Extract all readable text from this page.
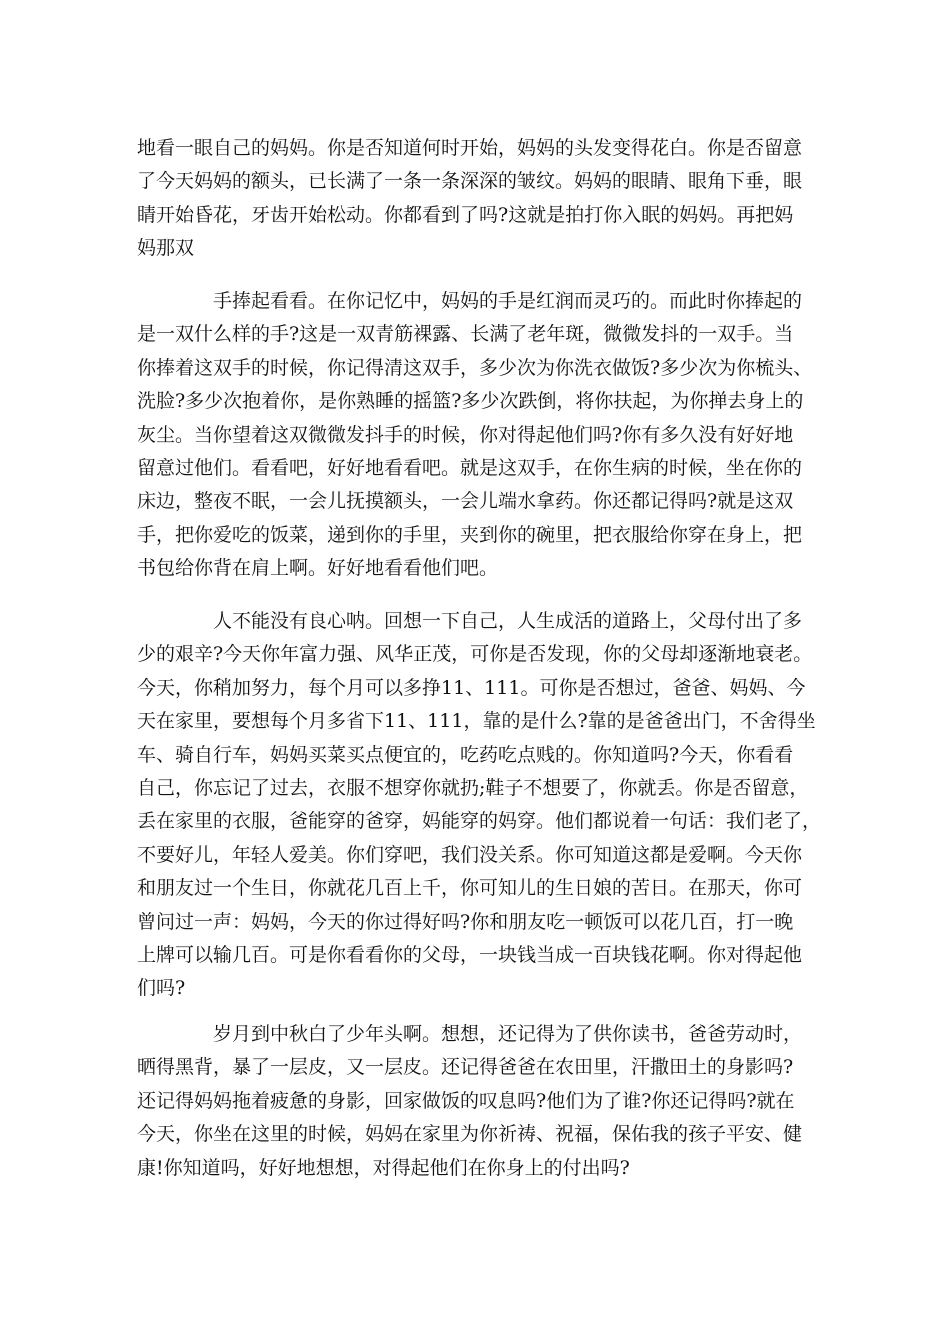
地看一眼自己的妈妈。你是否知道何时开始，妈妈的头发变得花白。你是否留意
了今天妈妈的额头，已长满了一条一条深深的皱纹。妈妈的眼睛、眼角下垂，眼
睛开始昏花，牙齿开始松动。你都看到了吗?这就是拍打你入眠的妈妈。再把妈
妈那双
手捧起看看。在你记忆中，妈妈的手是红润而灵巧的。而此时你捧起的
是一双什么样的手?这是一双青筋裸露、长满了老年斑，微微发抖的一双手。当
你捧着这双手的时候，你记得清这双手，多少次为你洗衣做饭?多少次为你梳头、
洗脸?多少次抱着你，是你熟睡的摇篮?多少次跌倒，将你扶起，为你掸去身上的
灰尘。当你望着这双微微发抖手的时候，你对得起他们吗?你有多久没有好好地
留意过他们。看看吧，好好地看看吧。就是这双手，在你生病的时候，坐在你的
床边，整夜不眠，一会儿抚摸额头，一会儿端水拿药。你还都记得吗?就是这双
手，把你爱吃的饭菜，递到你的手里，夹到你的碗里，把衣服给你穿在身上，把
书包给你背在肩上啊。好好地看看他们吧。
人不能没有良心呐。回想一下自己，人生成活的道路上，父母付出了多
少的艰辛?今天你年富力强、风华正茂，可你是否发现，你的父母却逐渐地衰老。
今天，你稍加努力，每个月可以多挣11、111。可你是否想过，爸爸、妈妈、今
天在家里，要想每个月多省下11、111，靠的是什么?靠的是爸爸出门，不舍得坐
车、骑自行车，妈妈买菜买点便宜的，吃药吃点贱的。你知道吗?今天，你看看
自己，你忘记了过去，衣服不想穿你就扔;鞋子不想要了，你就丢。你是否留意，
丢在家里的衣服，爸能穿的爸穿，妈能穿的妈穿。他们都说着一句话：我们老了，
不要好儿，年轻人爱美。你们穿吧，我们没关系。你可知道这都是爱啊。今天你
和朋友过一个生日，你就花几百上千，你可知儿的生日娘的苦日。在那天，你可
曾问过一声：妈妈，今天的你过得好吗?你和朋友吃一顿饭可以花几百，打一晚
上牌可以输几百。可是你看看你的父母，一块钱当成一百块钱花啊。你对得起他
们吗?
岁月到中秋白了少年头啊。想想，还记得为了供你读书，爸爸劳动时，
晒得黑背，暴了一层皮，又一层皮。还记得爸爸在农田里，汗撒田土的身影吗?
还记得妈妈拖着疲惫的身影，回家做饭的叹息吗?他们为了谁?你还记得吗?就在
今天，你坐在这里的时候，妈妈在家里为你祈祷、祝福，保佑我的孩子平安、健
康!你知道吗，好好地想想，对得起他们在你身上的付出吗?
